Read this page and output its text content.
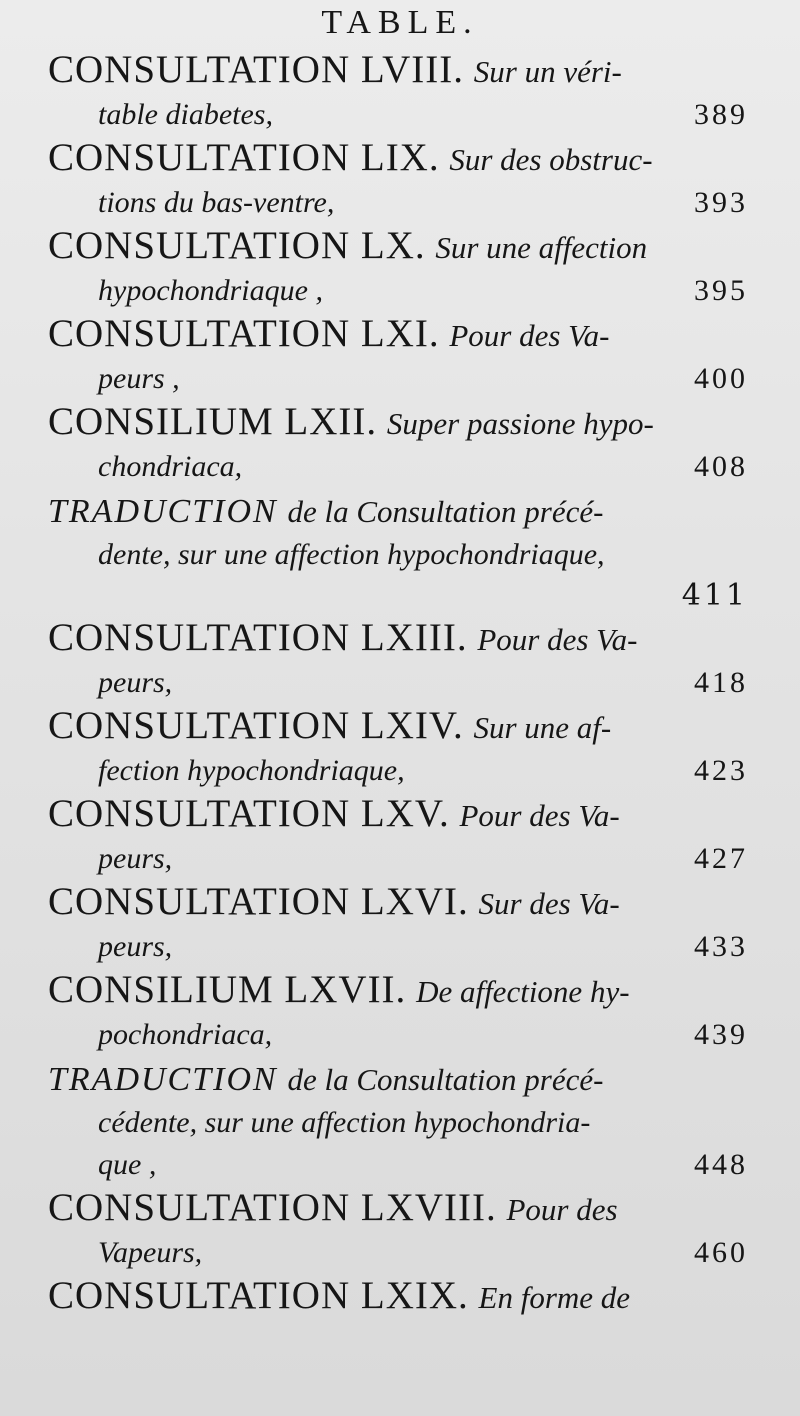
TABLE.
CONSULTATION LVIII. Sur un véri-
table diabetes,	389
CONSULTATION LIX. Sur des obstruc-
tions du bas-ventre,	393
CONSULTATION LX. Sur une affection
hypochondriaque ,	395
CONSULTATION LXI. Pour des Va-
peurs ,	400
CONSILIUM LXII. Super passione hypo-
chondriaca,	408
TRADUCTION de la Consultation précé-
dente, sur une affection hypochondriaque,
411
CONSULTATION LXIII. Pour des Va-
peurs,	418
CONSULTATION LXIV. Sur une af-
fection hypochondriaque,	423
CONSULTATION LXV. Pour des Va-
peurs,	427
CONSULTATION LXVI. Sur des Va-
peurs,	433
CONSILIUM LXVII. De affectione hy-
pochondriaca,	439
TRADUCTION de la Consultation précé-
cédente, sur une affection hypochondria-
que ,	448
CONSULTATION LXVIII. Pour des
Vapeurs,	460
CONSULTATION LXIX. En forme de
